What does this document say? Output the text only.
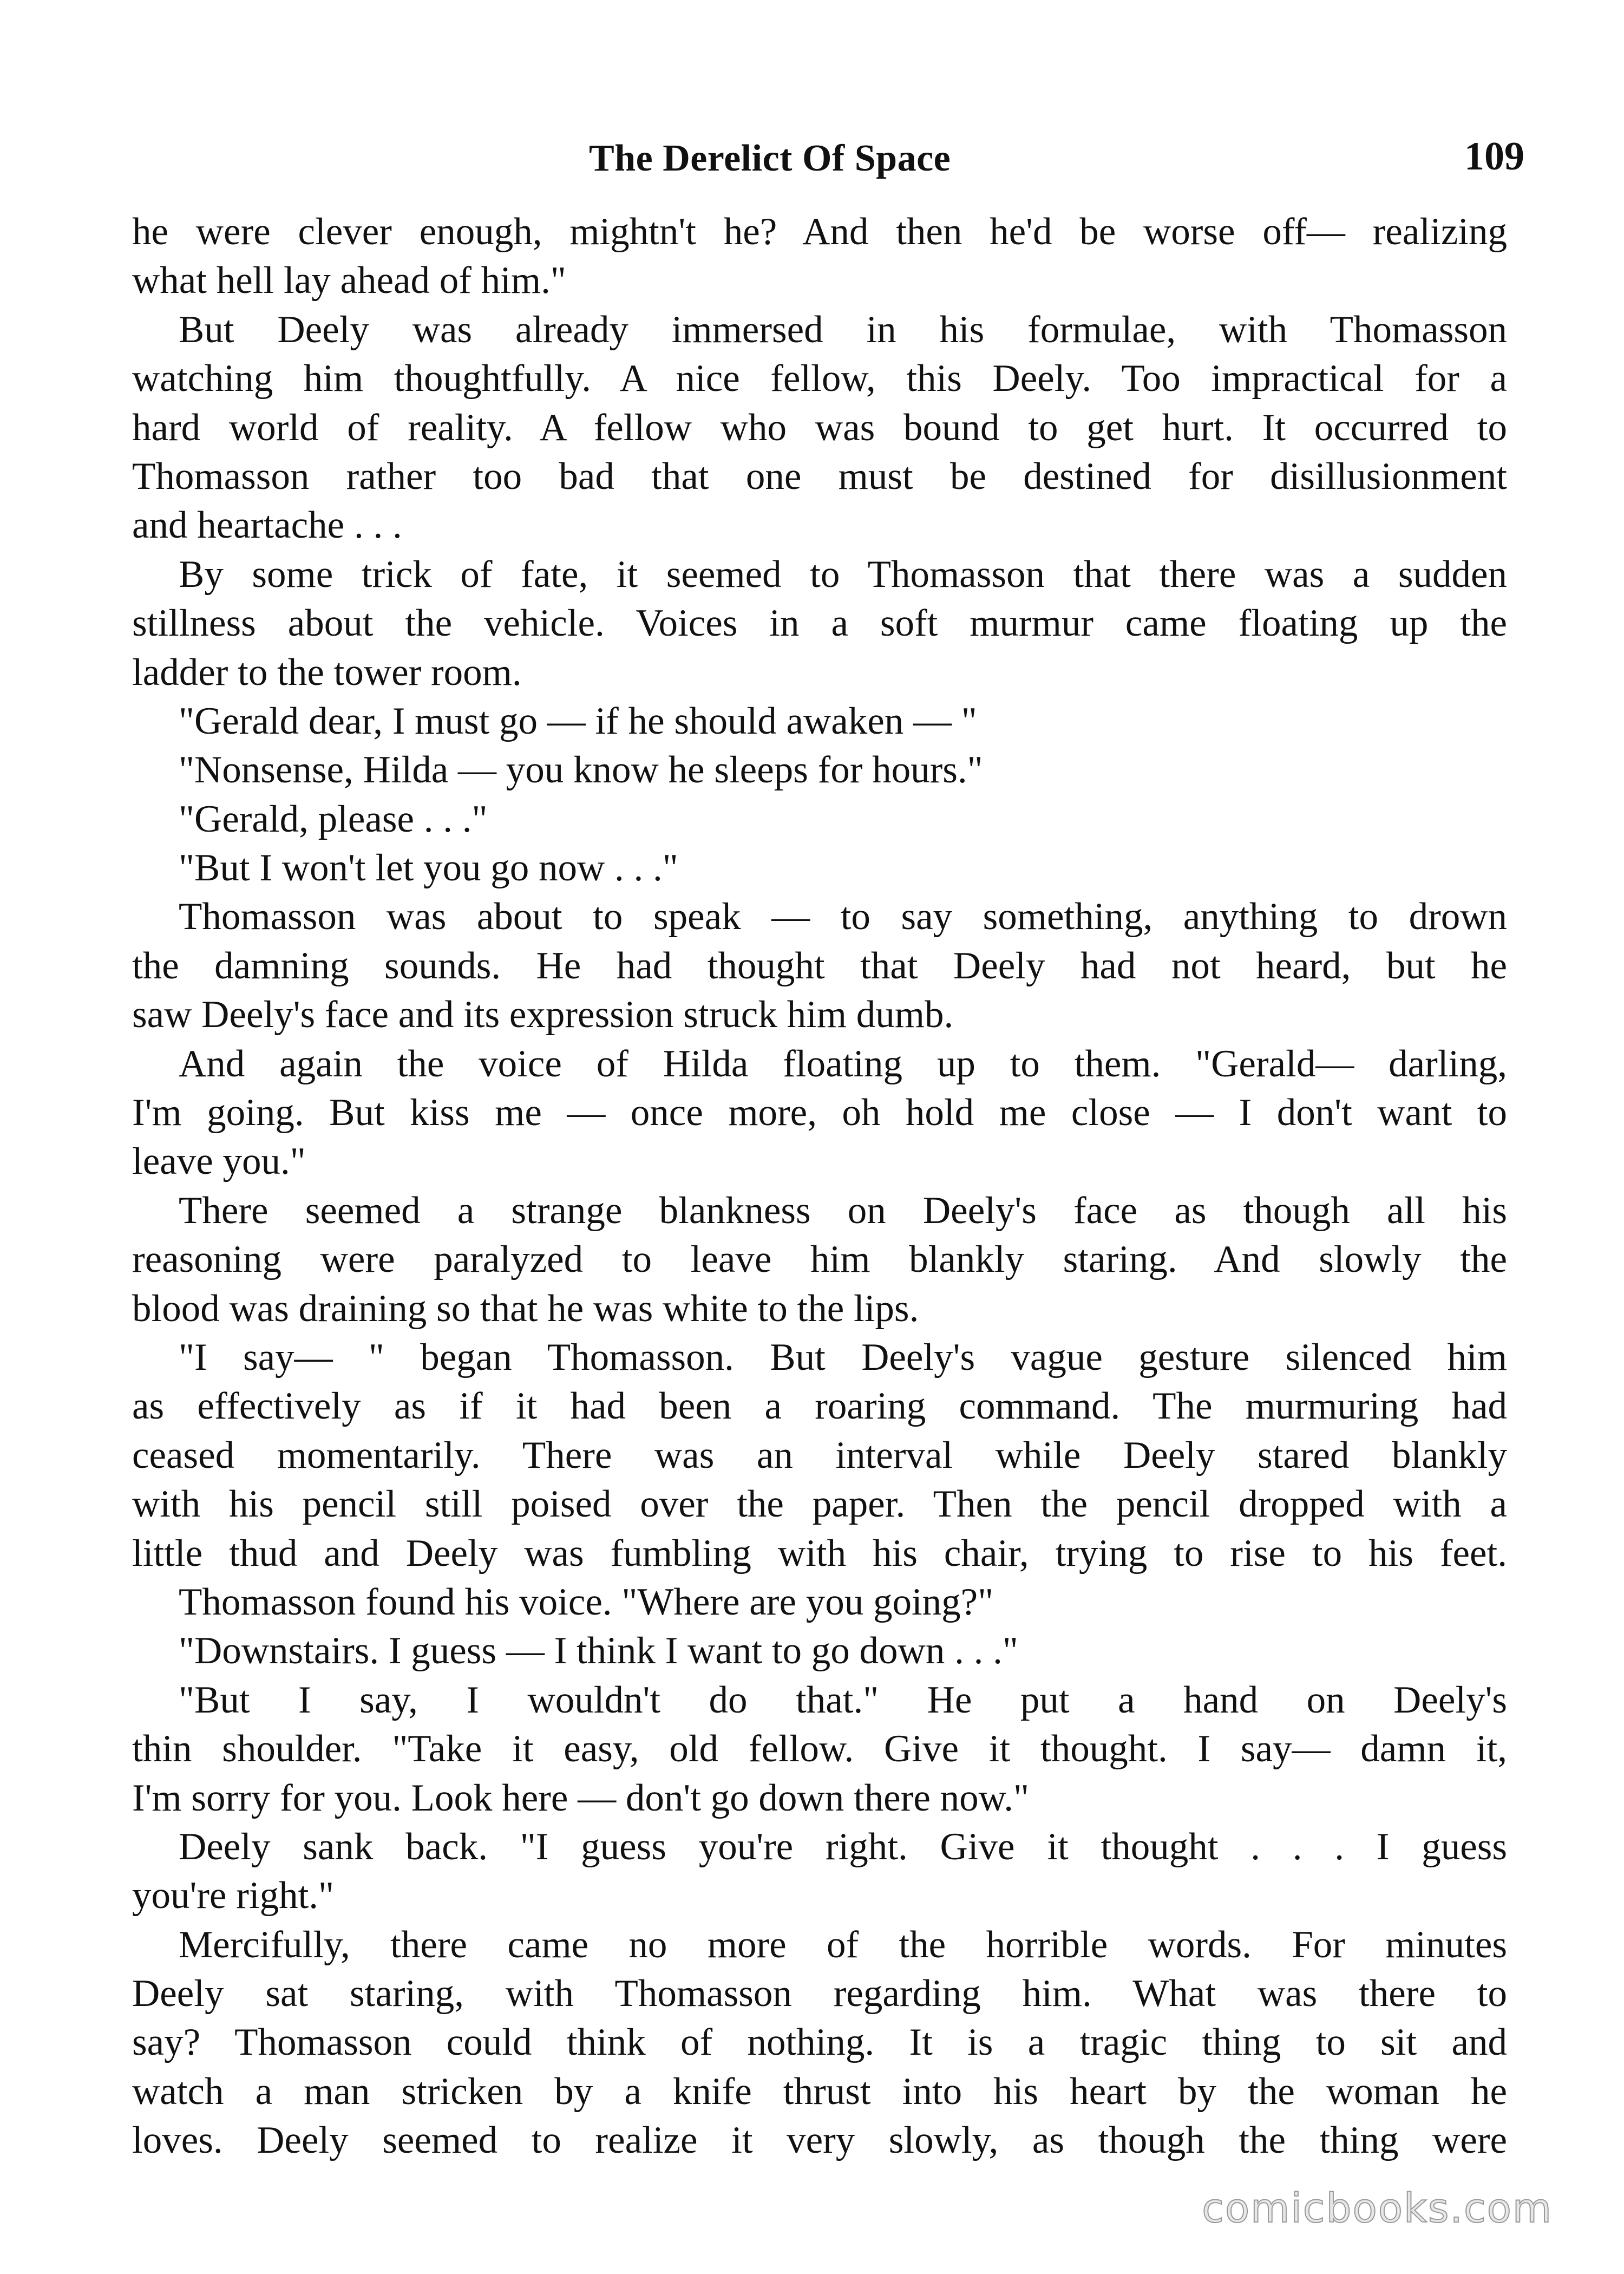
The Derelict Of Space	109
he were clever enough, mightn't he? And then he'd be worse off— realizing
what hell lay ahead of him."
But Deely was already immersed in his formulae, with Thomasson
watching him thoughtfully. A nice fellow, this Deely. Too impractical for a
hard world of reality. A fellow who was bound to get hurt. It occurred to
Thomasson rather too bad that one must be destined for disillusionment
and heartache . . .
By some trick of fate, it seemed to Thomasson that there was a sudden
stillness about the vehicle. Voices in a soft murmur came floating up the
ladder to the tower room.
"Gerald dear, I must go — if he should awaken — "
"Nonsense, Hilda — you know he sleeps for hours."
"Gerald, please . . ."
"But I won't let you go now . . ."
Thomasson was about to speak — to say something, anything to drown
the damning sounds. He had thought that Deely had not heard, but he
saw Deely's face and its expression struck him dumb.
And again the voice of Hilda floating up to them. "Gerald— darling,
I'm going. But kiss me — once more, oh hold me close — I don't want to
leave you."
There seemed a strange blankness on Deely's face as though all his
reasoning were paralyzed to leave him blankly staring. And slowly the
blood was draining so that he was white to the lips.
"I say— " began Thomasson. But Deely's vague gesture silenced him
as effectively as if it had been a roaring command. The murmuring had
ceased momentarily. There was an interval while Deely stared blankly
with his pencil still poised over the paper. Then the pencil dropped with a
little thud and Deely was fumbling with his chair, trying to rise to his feet.
Thomasson found his voice. "Where are you going?"
"Downstairs. I guess — I think I want to go down . . ."
"But I say, I wouldn't do that." He put a hand on Deely's
thin shoulder. "Take it easy, old fellow. Give it thought. I say— damn it,
I'm sorry for you. Look here — don't go down there now."
Deely sank back. "I guess you're right. Give it thought . . . I guess
you're right."
Mercifully, there came no more of the horrible words. For minutes
Deely sat staring, with Thomasson regarding him. What was there to
say? Thomasson could think of nothing. It is a tragic thing to sit and
watch a man stricken by a knife thrust into his heart by the woman he
loves. Deely seemed to realize it very slowly, as though the thing were
comicbooks.com
